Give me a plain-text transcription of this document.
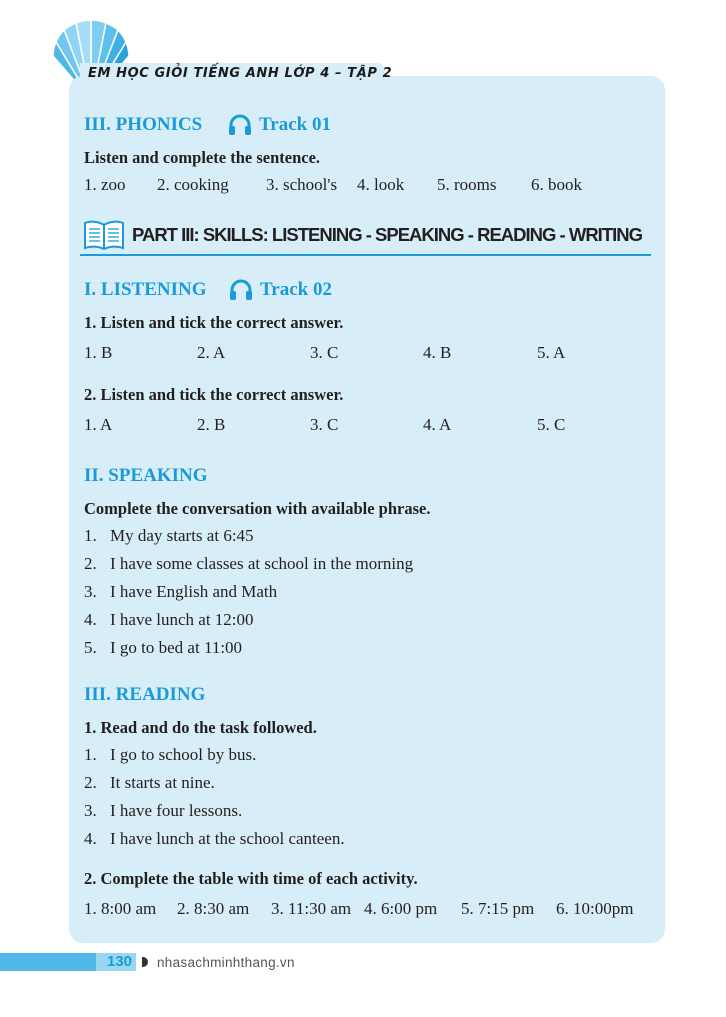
EM HỌC GIỎI TIẾNG ANH LỚP 4 – TẬP 2
III. PHONICS	Track 01
Listen and complete the sentence.
1. zoo 2. cooking 3. school's 4. look 5. rooms 6. book
PART III: SKILLS: LISTENING - SPEAKING - READING - WRITING
I. LISTENING	Track 02
1. Listen and tick the correct answer.
1. B	2. A	3. C	4. B	5. A
2. Listen and tick the correct answer.
1. A	2. B	3. C	4. A	5. C
II. SPEAKING
Complete the conversation with available phrase.
1. My day starts at 6:45
2. I have some classes at school in the morning
3. I have English and Math
4. I have lunch at 12:00
5. I go to bed at 11:00
III. READING
1. Read and do the task followed.
1. I go to school by bus.
2. It starts at nine.
3. I have four lessons.
4. I have lunch at the school canteen.
2. Complete the table with time of each activity.
1. 8:00 am 2. 8:30 am 3. 11:30 am 4. 6:00 pm 5. 7:15 pm 6. 10:00pm
130 nhasachminhthang.vn
